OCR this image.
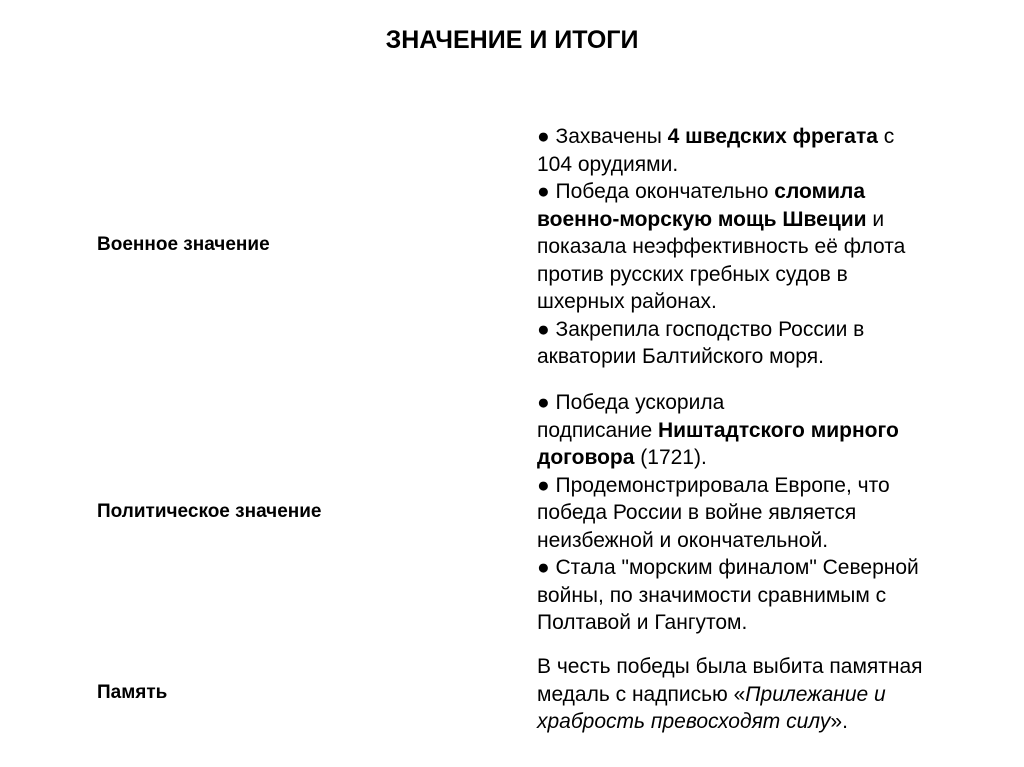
ЗНАЧЕНИЕ И ИТОГИ
Военное значение
● Захвачены 4 шведских фрегата с
104 орудиями.
● Победа окончательно сломила
военно-морскую мощь Швеции и
показала неэффективность её флота
против русских гребных судов в
шхерных районах.
● Закрепила господство России в
акватории Балтийского моря.
Политическое значение
● Победа ускорила
подписание Ништадтского мирного
договора (1721).
● Продемонстрировала Европе, что
победа России в войне является
неизбежной и окончательной.
● Стала "морским финалом" Северной
войны, по значимости сравнимым с
Полтавой и Гангутом.
Память
В честь победы была выбита памятная
медаль с надписью «Прилежание и
храбрость превосходят силу».
